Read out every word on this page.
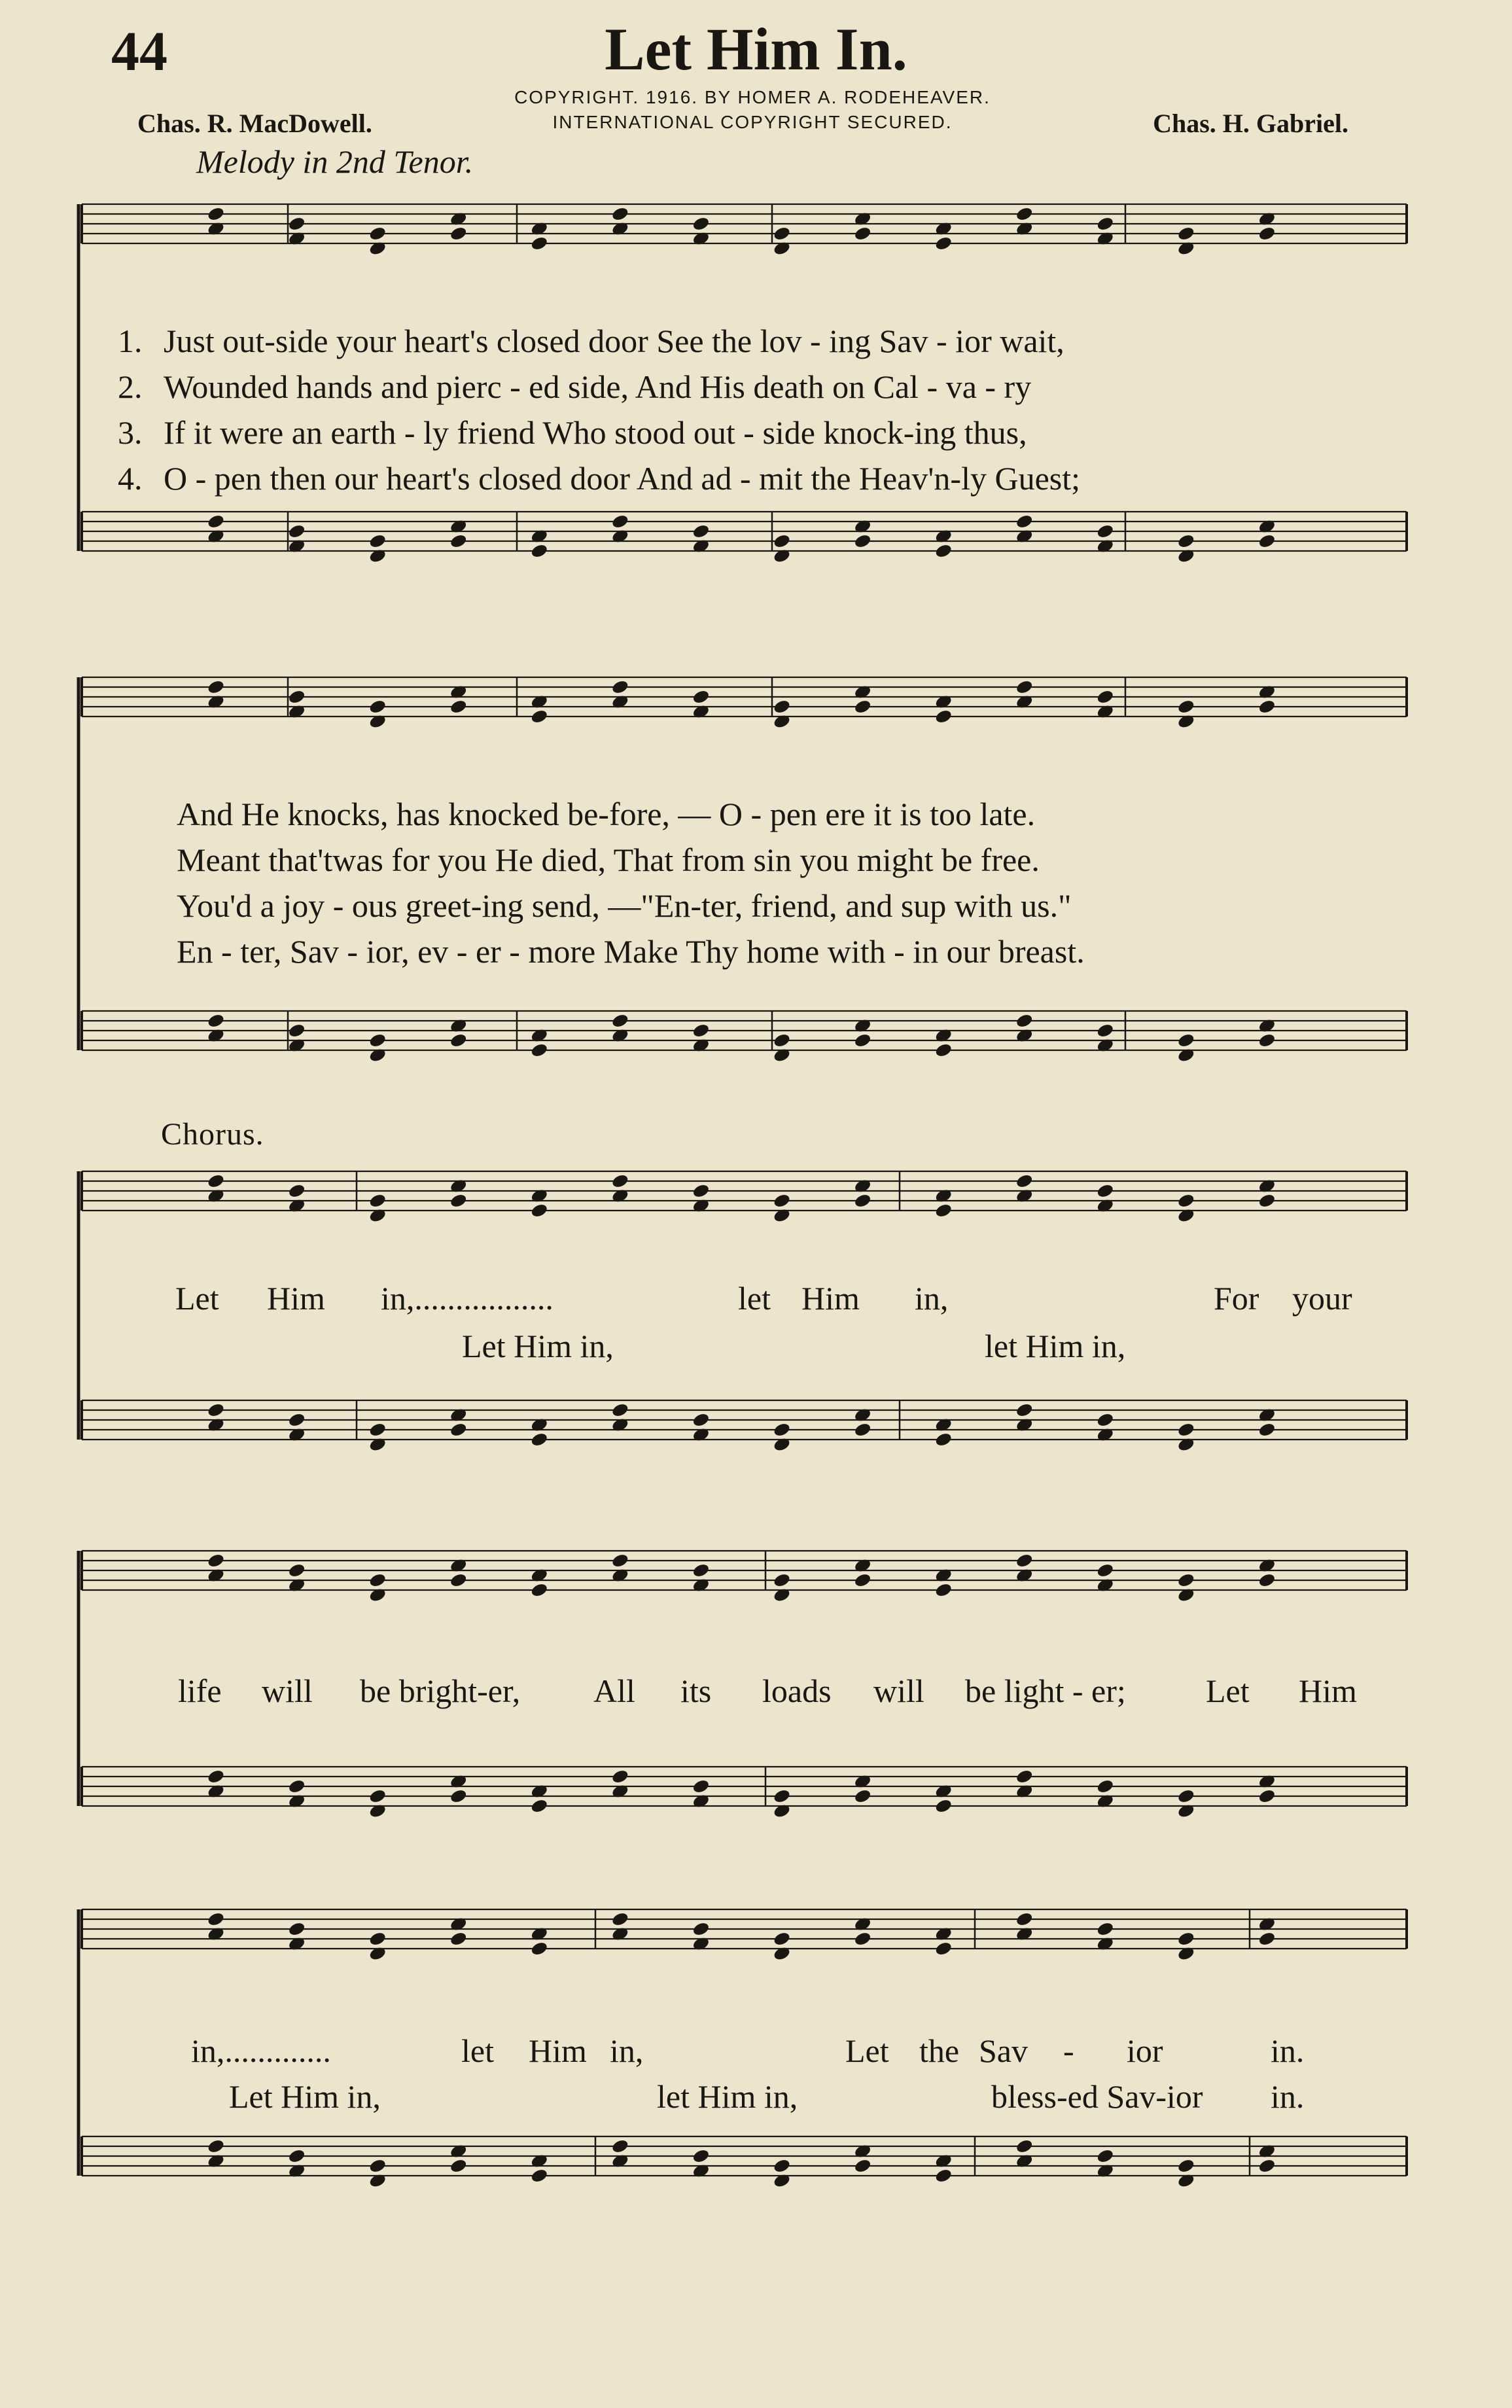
44	Let Him In.
COPYRIGHT. 1916. BY HOMER A. RODEHEAVER.
INTERNATIONAL COPYRIGHT SECURED.
Chas. R. MacDowell.	Chas. H. Gabriel.
Melody in 2nd Tenor.
1. Just out-side your heart's closed door See the lov - ing Sav - ior wait,
2. Wounded hands and pierc - ed side, And His death on Cal - va - ry
3. If it were an earth - ly friend Who stood out - side knock-ing thus,
4. O - pen then our heart's closed door And ad - mit the Heav'n-ly Guest;
And He knocks, has knocked be-fore, — O - pen ere it is too late.
Meant that'twas for you He died, That from sin you might be free.
You'd a joy - ous greet-ing send, —"En-ter, friend, and sup with us."
En - ter, Sav - ior, ev - er - more Make Thy home with - in our breast.
Chorus.
Let Him in,.................	let Him in,	For your
Let Him in,	let Him in,
life will be bright-er, All its loads will be light - er; Let Him
in,.............	let Him in,	Let the Sav - ior	in.
Let Him in,	let Him in,	bless-ed Sav-ior in.
